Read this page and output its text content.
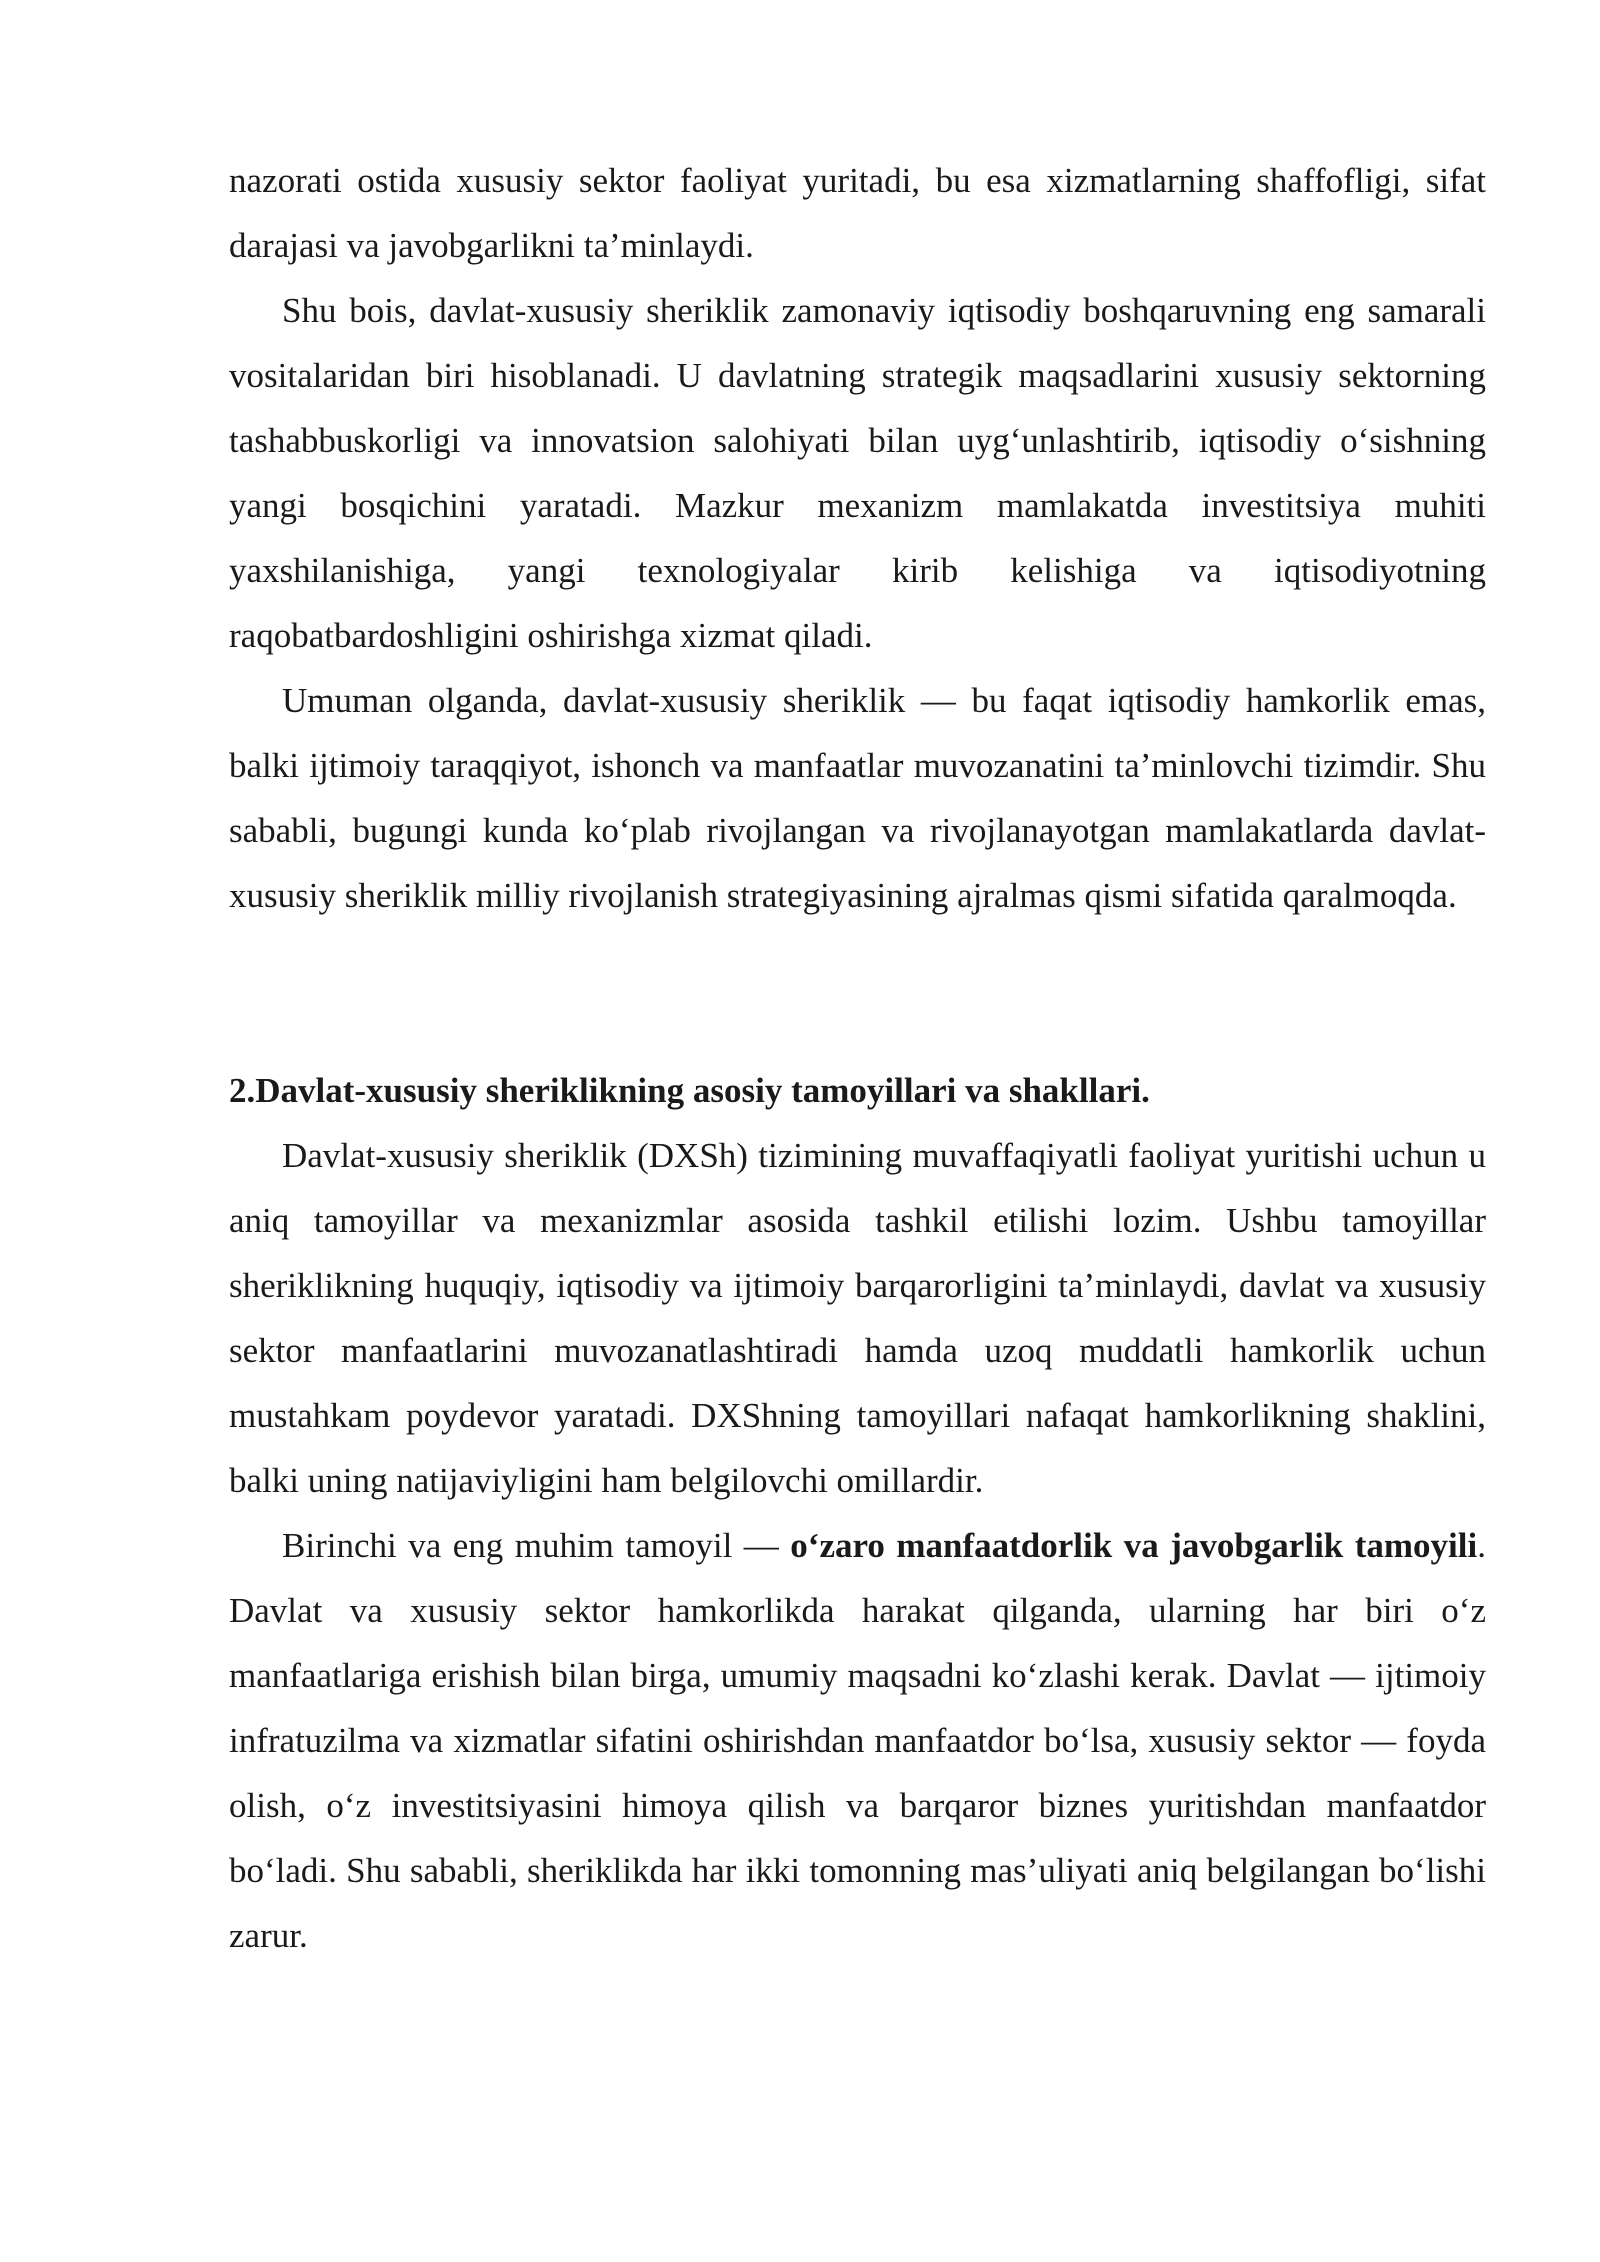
nazorati ostida xususiy sektor faoliyat yuritadi, bu esa xizmatlarning shaffofligi, sifat darajasi va javobgarlikni ta’minlaydi.

Shu bois, davlat-xususiy sheriklik zamonaviy iqtisodiy boshqaruvning eng samarali vositalaridan biri hisoblanadi. U davlatning strategik maqsadlarini xususiy sektorning tashabbuskorligi va innovatsion salohiyati bilan uyg‘unlashtirib, iqtisodiy o‘sishning yangi bosqichini yaratadi. Mazkur mexanizm mamlakatda investitsiya muhiti yaxshilanishiga, yangi texnologiyalar kirib kelishiga va iqtisodiyotning raqobatbardoshligini oshirishga xizmat qiladi.

Umuman olganda, davlat-xususiy sheriklik — bu faqat iqtisodiy hamkorlik emas, balki ijtimoiy taraqqiyot, ishonch va manfaatlar muvozanatini ta’minlovchi tizimdir. Shu sababli, bugungi kunda ko‘plab rivojlangan va rivojlanayotgan mamlakatlarda davlat-xususiy sheriklik milliy rivojlanish strategiyasining ajralmas qismi sifatida qaralmoqda.

2.Davlat-xususiy sheriklikning asosiy tamoyillari va shakllari.

Davlat-xususiy sheriklik (DXSh) tizimining muvaffaqiyatli faoliyat yuritishi uchun u aniq tamoyillar va mexanizmlar asosida tashkil etilishi lozim. Ushbu tamoyillar sheriklikning huquqiy, iqtisodiy va ijtimoiy barqarorligini ta’minlaydi, davlat va xususiy sektor manfaatlarini muvozanatlashtiradi hamda uzoq muddatli hamkorlik uchun mustahkam poydevor yaratadi. DXShning tamoyillari nafaqat hamkorlikning shaklini, balki uning natijaviyligini ham belgilovchi omillardir.

Birinchi va eng muhim tamoyil — o‘zaro manfaatdorlik va javobgarlik tamoyili. Davlat va xususiy sektor hamkorlikda harakat qilganda, ularning har biri o‘z manfaatlariga erishish bilan birga, umumiy maqsadni ko‘zlashi kerak. Davlat — ijtimoiy infratuzilma va xizmatlar sifatini oshirishdan manfaatdor bo‘lsa, xususiy sektor — foyda olish, o‘z investitsiyasini himoya qilish va barqaror biznes yuritishdan manfaatdor bo‘ladi. Shu sababli, sheriklikda har ikki tomonning mas’uliyati aniq belgilangan bo‘lishi zarur.
